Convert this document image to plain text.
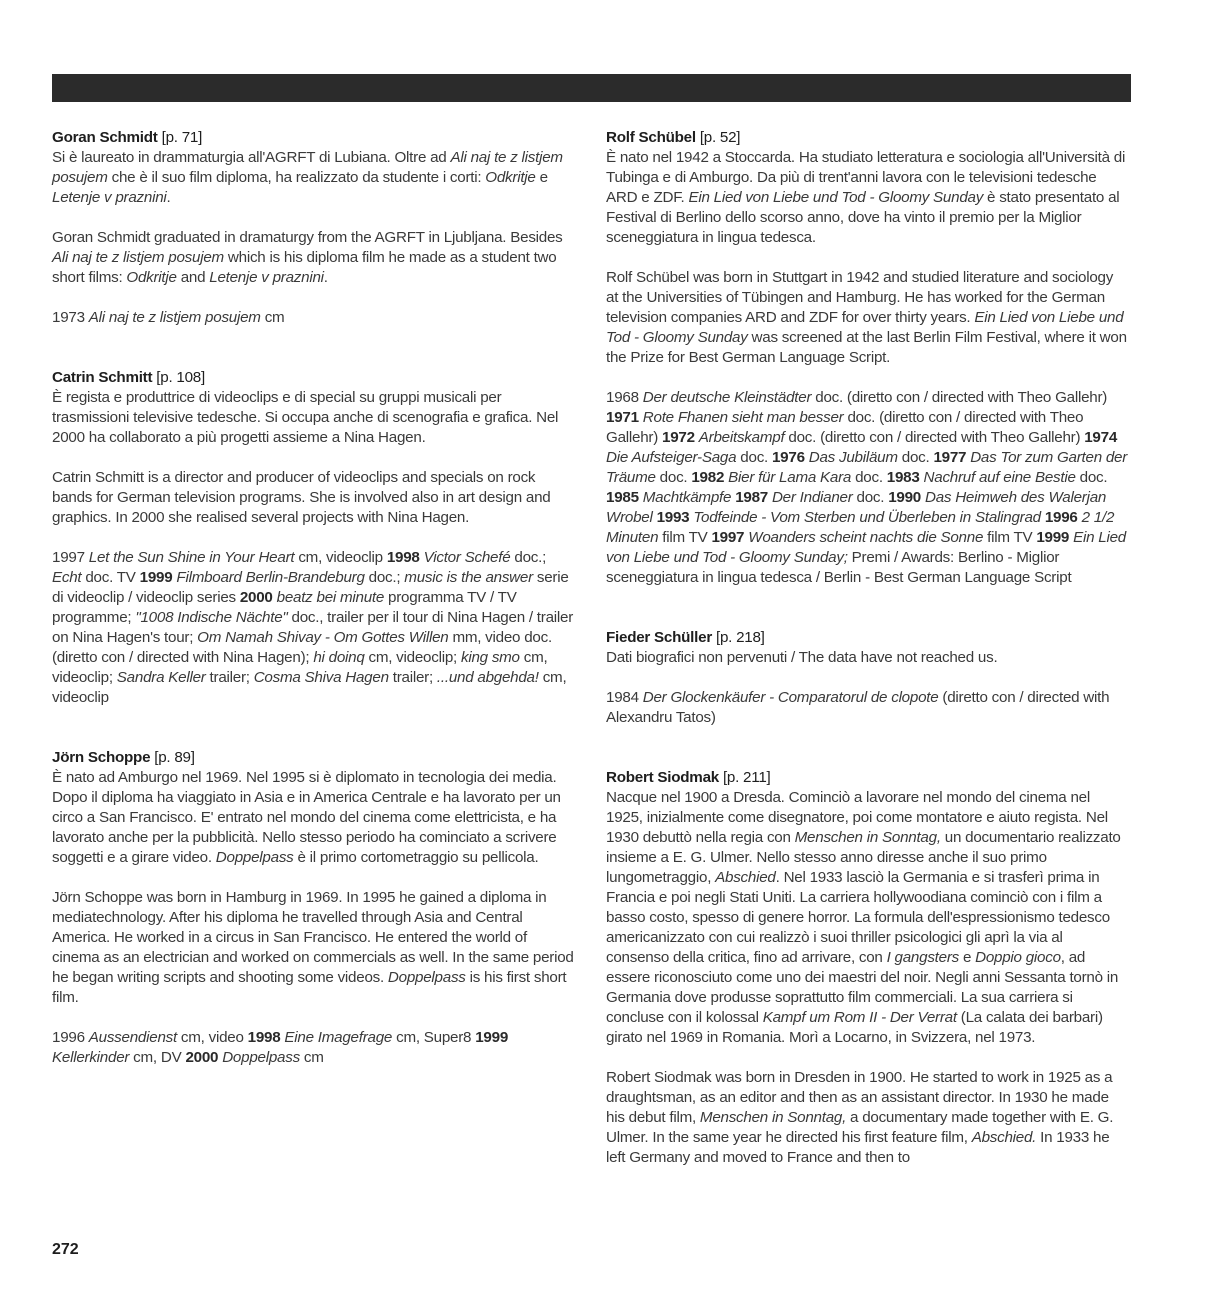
Goran Schmidt [p. 71]

Si è laureato in drammaturgia all'AGRFT di Lubiana. Oltre ad Ali naj te z listjem posujem che è il suo film diploma, ha realizzato da studente i corti: Odkritje e Letenje v praznini.

Goran Schmidt graduated in dramaturgy from the AGRFT in Ljubljana. Besides Ali naj te z listjem posujem which is his diploma film he made as a student two short films: Odkritje and Letenje v praznini.

1973 Ali naj te z listjem posujem cm

Catrin Schmitt [p. 108]

È regista e produttrice di videoclips e di special su gruppi musicali per trasmissioni televisive tedesche. Si occupa anche di scenografia e grafica. Nel 2000 ha collaborato a più progetti assieme a Nina Hagen.

Catrin Schmitt is a director and producer of videoclips and specials on rock bands for German television programs. She is involved also in art design and graphics. In 2000 she realised several projects with Nina Hagen.

1997 Let the Sun Shine in Your Heart cm, videoclip 1998 Victor Schefé doc.; Echt doc. TV 1999 Filmboard Berlin-Brandeburg doc.; music is the answer serie di videoclip / videoclip series 2000 beatz bei minute programma TV / TV programme; "1008 Indische Nächte" doc., trailer per il tour di Nina Hagen / trailer on Nina Hagen's tour; Om Namah Shivay - Om Gottes Willen mm, video doc. (diretto con / directed with Nina Hagen); hi doinq cm, videoclip; king smo cm, videoclip; Sandra Keller trailer; Cosma Shiva Hagen trailer; ...und abgehda! cm, videoclip

Jörn Schoppe [p. 89]

È nato ad Amburgo nel 1969. Nel 1995 si è diplomato in tecnologia dei media. Dopo il diploma ha viaggiato in Asia e in America Centrale e ha lavorato per un circo a San Francisco. E' entrato nel mondo del cinema come elettricista, e ha lavorato anche per la pubblicità. Nello stesso periodo ha cominciato a scrivere soggetti e a girare video. Doppelpass è il primo cortometraggio su pellicola.

Jörn Schoppe was born in Hamburg in 1969. In 1995 he gained a diploma in mediatechnology. After his diploma he travelled through Asia and Central America. He worked in a circus in San Francisco. He entered the world of cinema as an electrician and worked on commercials as well. In the same period he began writing scripts and shooting some videos. Doppelpass is his first short film.

1996 Aussendienst cm, video 1998 Eine Imagefrage cm, Super8 1999 Kellerkinder cm, DV 2000 Doppelpass cm

Rolf Schübel [p. 52]

È nato nel 1942 a Stoccarda. Ha studiato letteratura e sociologia all'Università di Tubinga e di Amburgo. Da più di trent'anni lavora con le televisioni tedesche ARD e ZDF. Ein Lied von Liebe und Tod - Gloomy Sunday è stato presentato al Festival di Berlino dello scorso anno, dove ha vinto il premio per la Miglior sceneggiatura in lingua tedesca.

Rolf Schübel was born in Stuttgart in 1942 and studied literature and sociology at the Universities of Tübingen and Hamburg. He has worked for the German television companies ARD and ZDF for over thirty years. Ein Lied von Liebe und Tod - Gloomy Sunday was screened at the last Berlin Film Festival, where it won the Prize for Best German Language Script.

1968 Der deutsche Kleinstädter doc. (diretto con / directed with Theo Gallehr) 1971 Rote Fhanen sieht man besser doc. (diretto con / directed with Theo Gallehr) 1972 Arbeitskampf doc. (diretto con / directed with Theo Gallehr) 1974 Die Aufsteiger-Saga doc. 1976 Das Jubiläum doc. 1977 Das Tor zum Garten der Träume doc. 1982 Bier für Lama Kara doc. 1983 Nachruf auf eine Bestie doc. 1985 Machtkämpfe 1987 Der Indianer doc. 1990 Das Heimweh des Walerjan Wrobel 1993 Todfeinde - Vom Sterben und Überleben in Stalingrad 1996 2 1/2 Minuten film TV 1997 Woanders scheint nachts die Sonne film TV 1999 Ein Lied von Liebe und Tod - Gloomy Sunday; Premi / Awards: Berlino - Miglior sceneggiatura in lingua tedesca / Berlin - Best German Language Script

Fieder Schüller [p. 218]

Dati biografici non pervenuti / The data have not reached us.

1984 Der Glockenkäufer - Comparatorul de clopote (diretto con / directed with Alexandru Tatos)

Robert Siodmak [p. 211]

Nacque nel 1900 a Dresda. Cominciò a lavorare nel mondo del cinema nel 1925, inizialmente come disegnatore, poi come montatore e aiuto regista. Nel 1930 debuttò nella regia con Menschen in Sonntag, un documentario realizzato insieme a E. G. Ulmer. Nello stesso anno diresse anche il suo primo lungometraggio, Abschied. Nel 1933 lasciò la Germania e si trasferì prima in Francia e poi negli Stati Uniti. La carriera hollywoodiana cominciò con i film a basso costo, spesso di genere horror. La formula dell'espressionismo tedesco americanizzato con cui realizzò i suoi thriller psicologici gli aprì la via al consenso della critica, fino ad arrivare, con I gangsters e Doppio gioco, ad essere riconosciuto come uno dei maestri del noir. Negli anni Sessanta tornò in Germania dove produsse soprattutto film commerciali. La sua carriera si concluse con il kolossal Kampf um Rom II - Der Verrat (La calata dei barbari) girato nel 1969 in Romania. Morì a Locarno, in Svizzera, nel 1973.

Robert Siodmak was born in Dresden in 1900. He started to work in 1925 as a draughtsman, as an editor and then as an assistant director. In 1930 he made his debut film, Menschen in Sonntag, a documentary made together with E. G. Ulmer. In the same year he directed his first feature film, Abschied. In 1933 he left Germany and moved to France and then to

272
